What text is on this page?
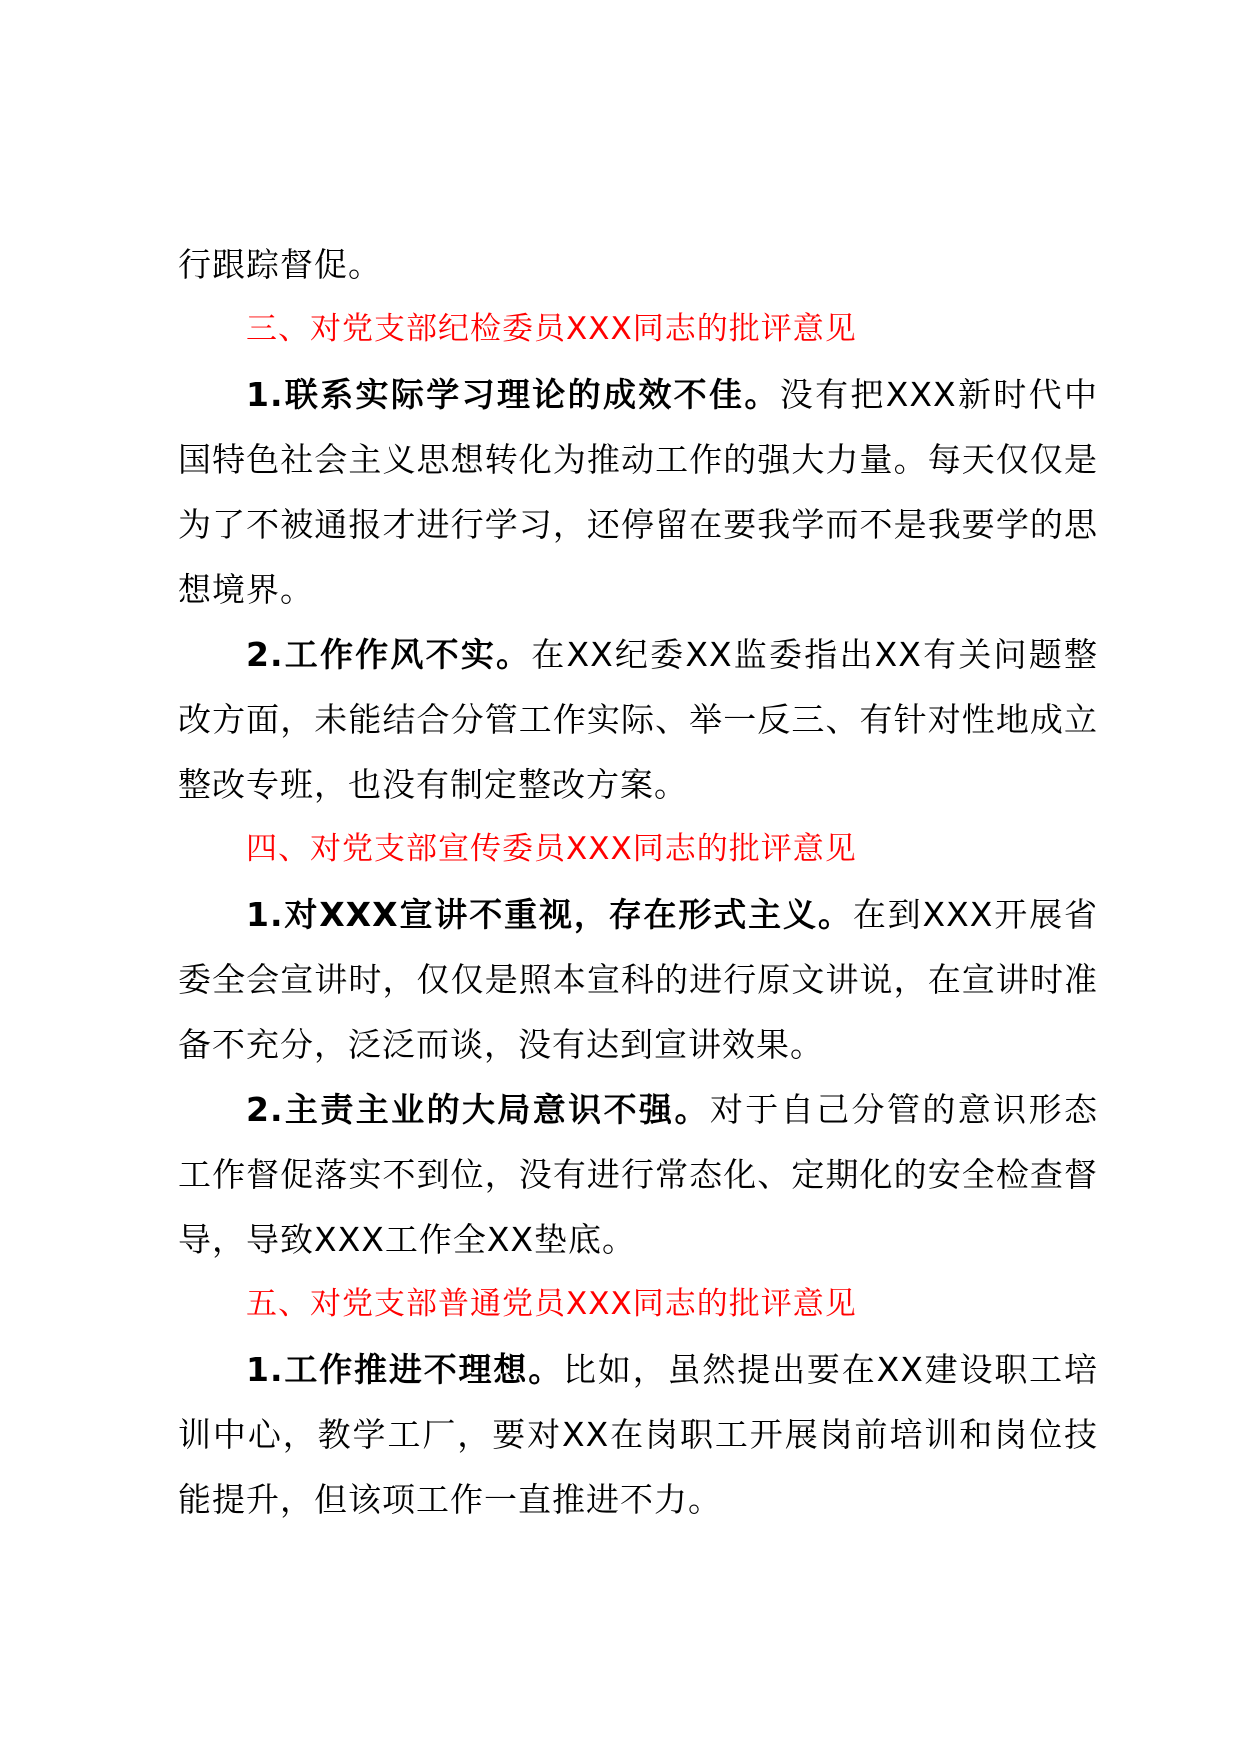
行跟踪督促。

三、对党支部纪检委员XXX同志的批评意见

1.联系实际学习理论的成效不佳。没有把XXX新时代中国特色社会主义思想转化为推动工作的强大力量。每天仅仅是为了不被通报才进行学习，还停留在要我学而不是我要学的思想境界。

2.工作作风不实。在XX纪委XX监委指出XX有关问题整改方面，未能结合分管工作实际、举一反三、有针对性地成立整改专班，也没有制定整改方案。

四、对党支部宣传委员XXX同志的批评意见

1.对XXX宣讲不重视，存在形式主义。在到XXX开展省委全会宣讲时，仅仅是照本宣科的进行原文讲说，在宣讲时准备不充分，泛泛而谈，没有达到宣讲效果。

2.主责主业的大局意识不强。对于自己分管的意识形态工作督促落实不到位，没有进行常态化、定期化的安全检查督导，导致XXX工作全XX垫底。

五、对党支部普通党员XXX同志的批评意见

1.工作推进不理想。比如，虽然提出要在XX建设职工培训中心，教学工厂，要对XX在岗职工开展岗前培训和岗位技能提升，但该项工作一直推进不力。
